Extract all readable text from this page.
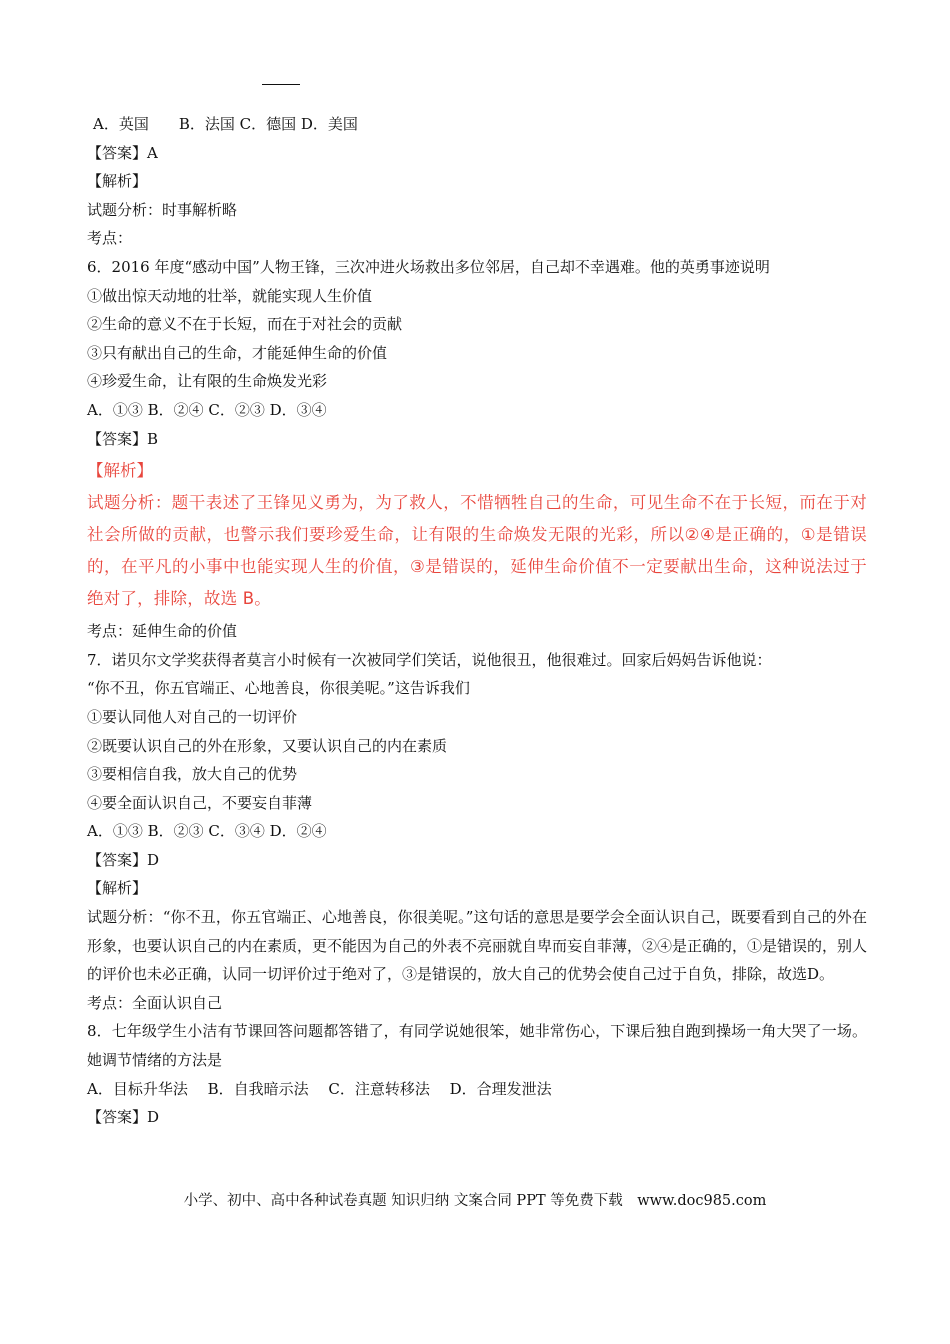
A．英国　　B．法国 C．德国 D．美国
【答案】A
【解析】
试题分析：时事解析略
考点：
6．2016 年度“感动中国”人物王锋，三次冲进火场救出多位邻居，自己却不幸遇难。他的英勇事迹说明
①做出惊天动地的壮举，就能实现人生价值
②生命的意义不在于长短，而在于对社会的贡献
③只有献出自己的生命，才能延伸生命的价值
④珍爱生命，让有限的生命焕发光彩
A．①③ B．②④ C．②③ D．③④
【答案】B
【解析】
试题分析：题干表述了王锋见义勇为，为了救人，不惜牺牲自己的生命，可见生命不在于长短，而在于对社会所做的贡献，也警示我们要珍爱生命，让有限的生命焕发无限的光彩，所以②④是正确的，①是错误的，在平凡的小事中也能实现人生的价值，③是错误的，延伸生命价值不一定要献出生命，这种说法过于绝对了，排除，故选 B。
考点：延伸生命的价值
7．诺贝尔文学奖获得者莫言小时候有一次被同学们笑话，说他很丑，他很难过。回家后妈妈告诉他说：
“你不丑，你五官端正、心地善良，你很美呢。”这告诉我们
①要认同他人对自己的一切评价
②既要认识自己的外在形象，又要认识自己的内在素质
③要相信自我，放大自己的优势
④要全面认识自己，不要妄自菲薄
A．①③ B．②③ C．③④ D．②④
【答案】D
【解析】
试题分析：“你不丑，你五官端正、心地善良，你很美呢。”这句话的意思是要学会全面认识自己，既要看到自己的外在形象，也要认识自己的内在素质，更不能因为自己的外表不亮丽就自卑而妄自菲薄，②④是正确的，①是错误的，别人的评价也未必正确，认同一切评价过于绝对了，③是错误的，放大自己的优势会使自己过于自负，排除，故选D。
考点：全面认识自己
8．七年级学生小洁有节课回答问题都答错了，有同学说她很笨，她非常伤心，下课后独自跑到操场一角大哭了一场。她调节情绪的方法是
A．目标升华法　 B．自我暗示法　 C．注意转移法　 D．合理发泄法
【答案】D
小学、初中、高中各种试卷真题 知识归纳 文案合同 PPT 等免费下载　www.doc985.com
